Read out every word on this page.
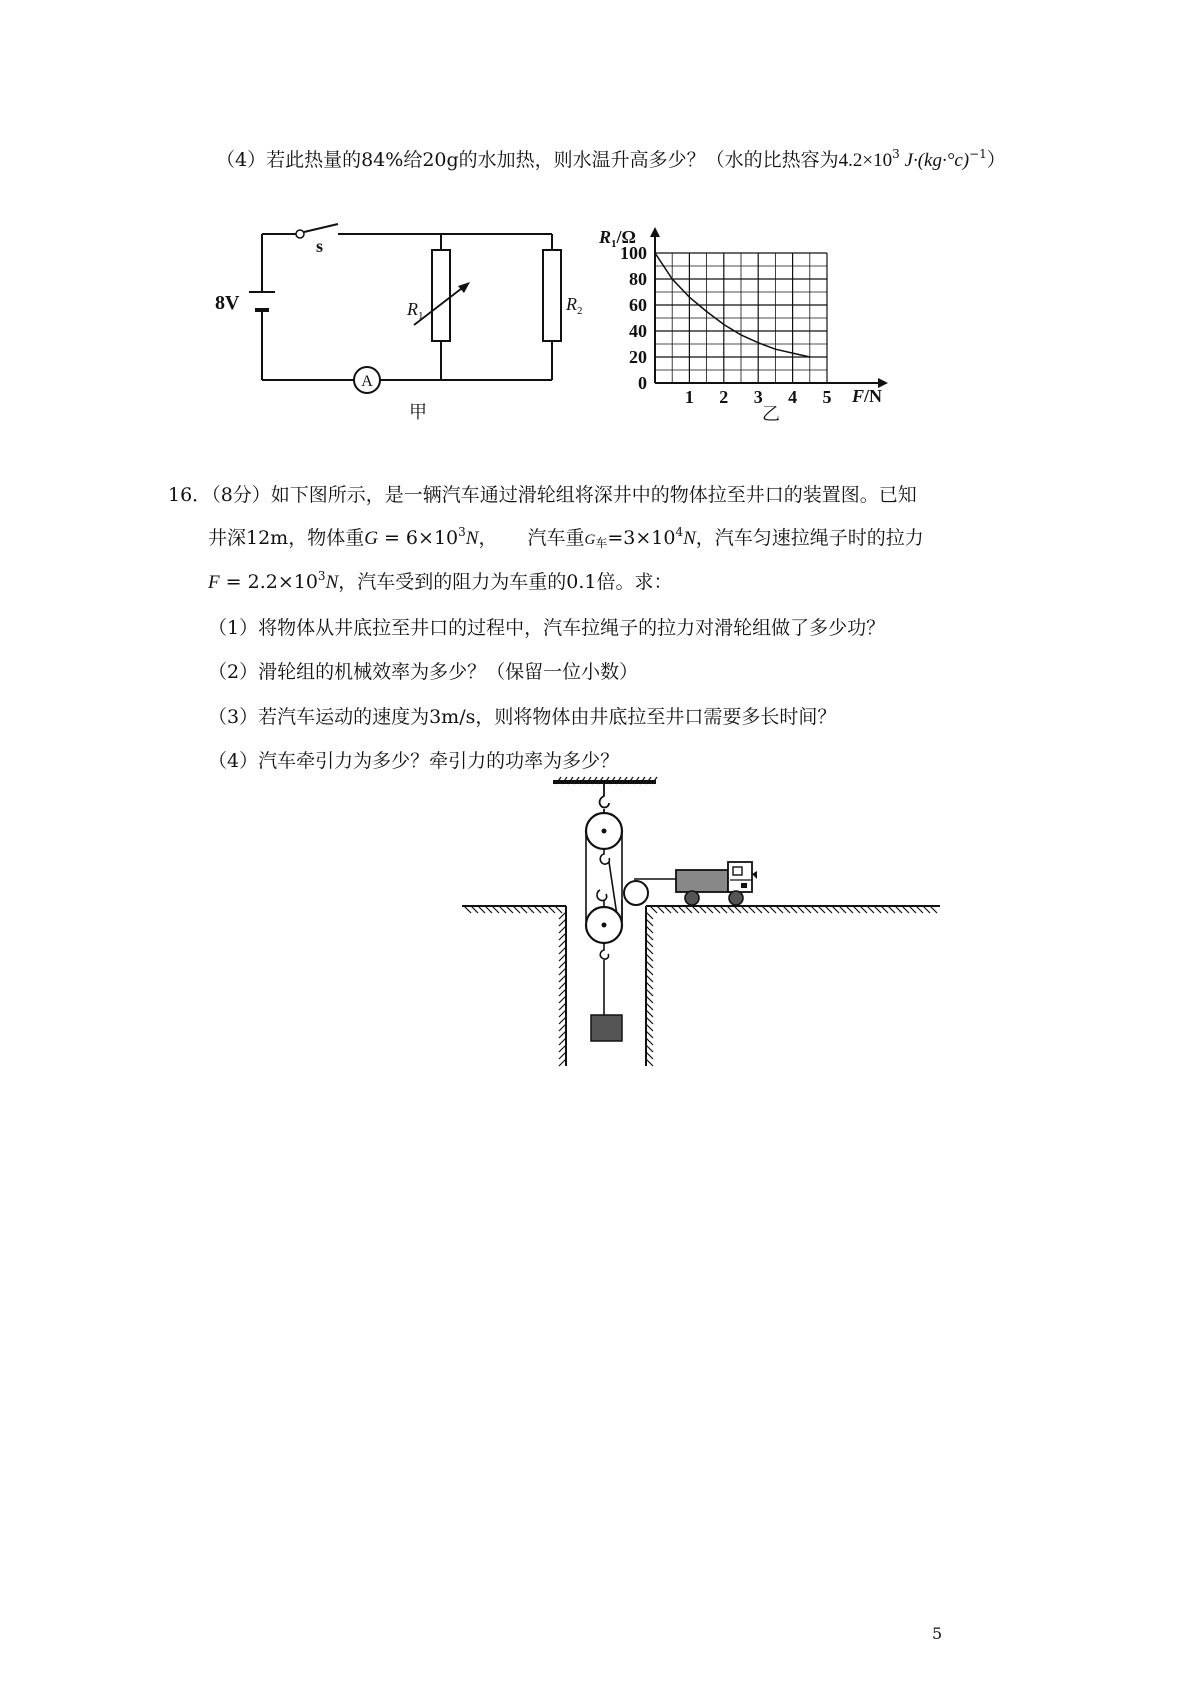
（4）若此热量的84%给20g的水加热，则水温升高多少？（水的比热容为$4.2\times 10^3$ $J\cdot(kg\cdot^\circ c)^{-1}$）
A
8V
s
$R_1$
$R_2$
甲
1 2 3 4 5
0
20
40
60
80
100
$R_1/\Omega$
F/N
乙
16．（8分）如下图所示，是一辆汽车通过滑轮组将深井中的物体拉至井口的装置图。已知
井深12m，物体重$G = 6\times 10^3N$， 汽车重$G_车=3\times 10^4N$，汽车匀速拉绳子时的拉力
$F = 2.2\times 10^3N$，汽车受到的阻力为车重的0.1倍。求：
（1）将物体从井底拉至井口的过程中，汽车拉绳子的拉力对滑轮组做了多少功？
（2）滑轮组的机械效率为多少？（保留一位小数）
（3）若汽车运动的速度为3m/s，则将物体由井底拉至井口需要多长时间？
（4）汽车牵引力为多少？牵引力的功率为多少？
5
